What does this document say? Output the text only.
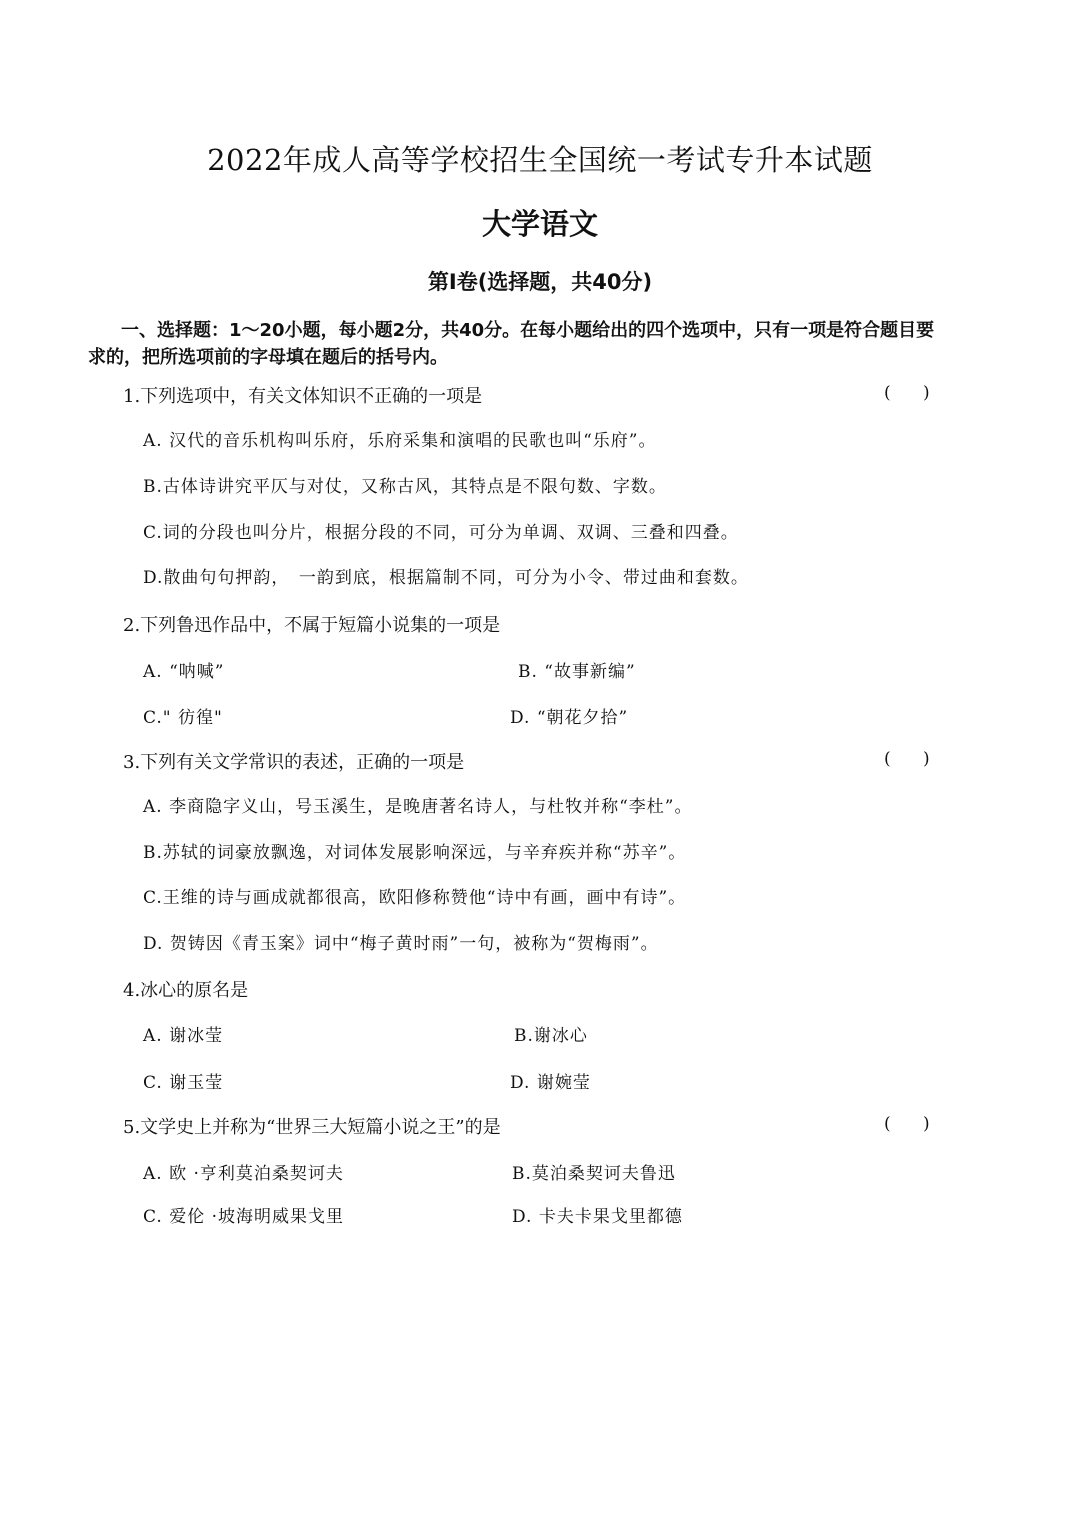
2022年成人高等学校招生全国统一考试专升本试题
大学语文
第Ⅰ卷(选择题，共40分)
一、选择题：1～20小题，每小题2分，共40分。在每小题给出的四个选项中，只有一项是符合题目要求的，把所选项前的字母填在题后的括号内。
1.下列选项中，有关文体知识不正确的一项是	(      )
A. 汉代的音乐机构叫乐府，乐府采集和演唱的民歌也叫“乐府”。
B.古体诗讲究平仄与对仗，又称古风，其特点是不限句数、字数。
C.词的分段也叫分片，根据分段的不同，可分为单调、双调、三叠和四叠。
D.散曲句句押韵，　一韵到底，根据篇制不同，可分为小令、带过曲和套数。
2.下列鲁迅作品中，不属于短篇小说集的一项是
A. “呐喊”	B. “故事新编”
C." 彷徨"	D. “朝花夕拾”
3.下列有关文学常识的表述，正确的一项是	(      )
A. 李商隐字义山，号玉溪生，是晚唐著名诗人，与杜牧并称“李杜”。
B.苏轼的词豪放飘逸，对词体发展影响深远，与辛弃疾并称“苏辛”。
C.王维的诗与画成就都很高，欧阳修称赞他“诗中有画，画中有诗”。
D. 贺铸因《青玉案》词中“梅子黄时雨”一句，被称为“贺梅雨”。
4.冰心的原名是
A. 谢冰莹	B.谢冰心
C. 谢玉莹	D. 谢婉莹
5.文学史上并称为“世界三大短篇小说之王”的是	(      )
A. 欧 ·亨利莫泊桑契诃夫	B.莫泊桑契诃夫鲁迅
C. 爱伦 ·坡海明威果戈里	D. 卡夫卡果戈里都德
